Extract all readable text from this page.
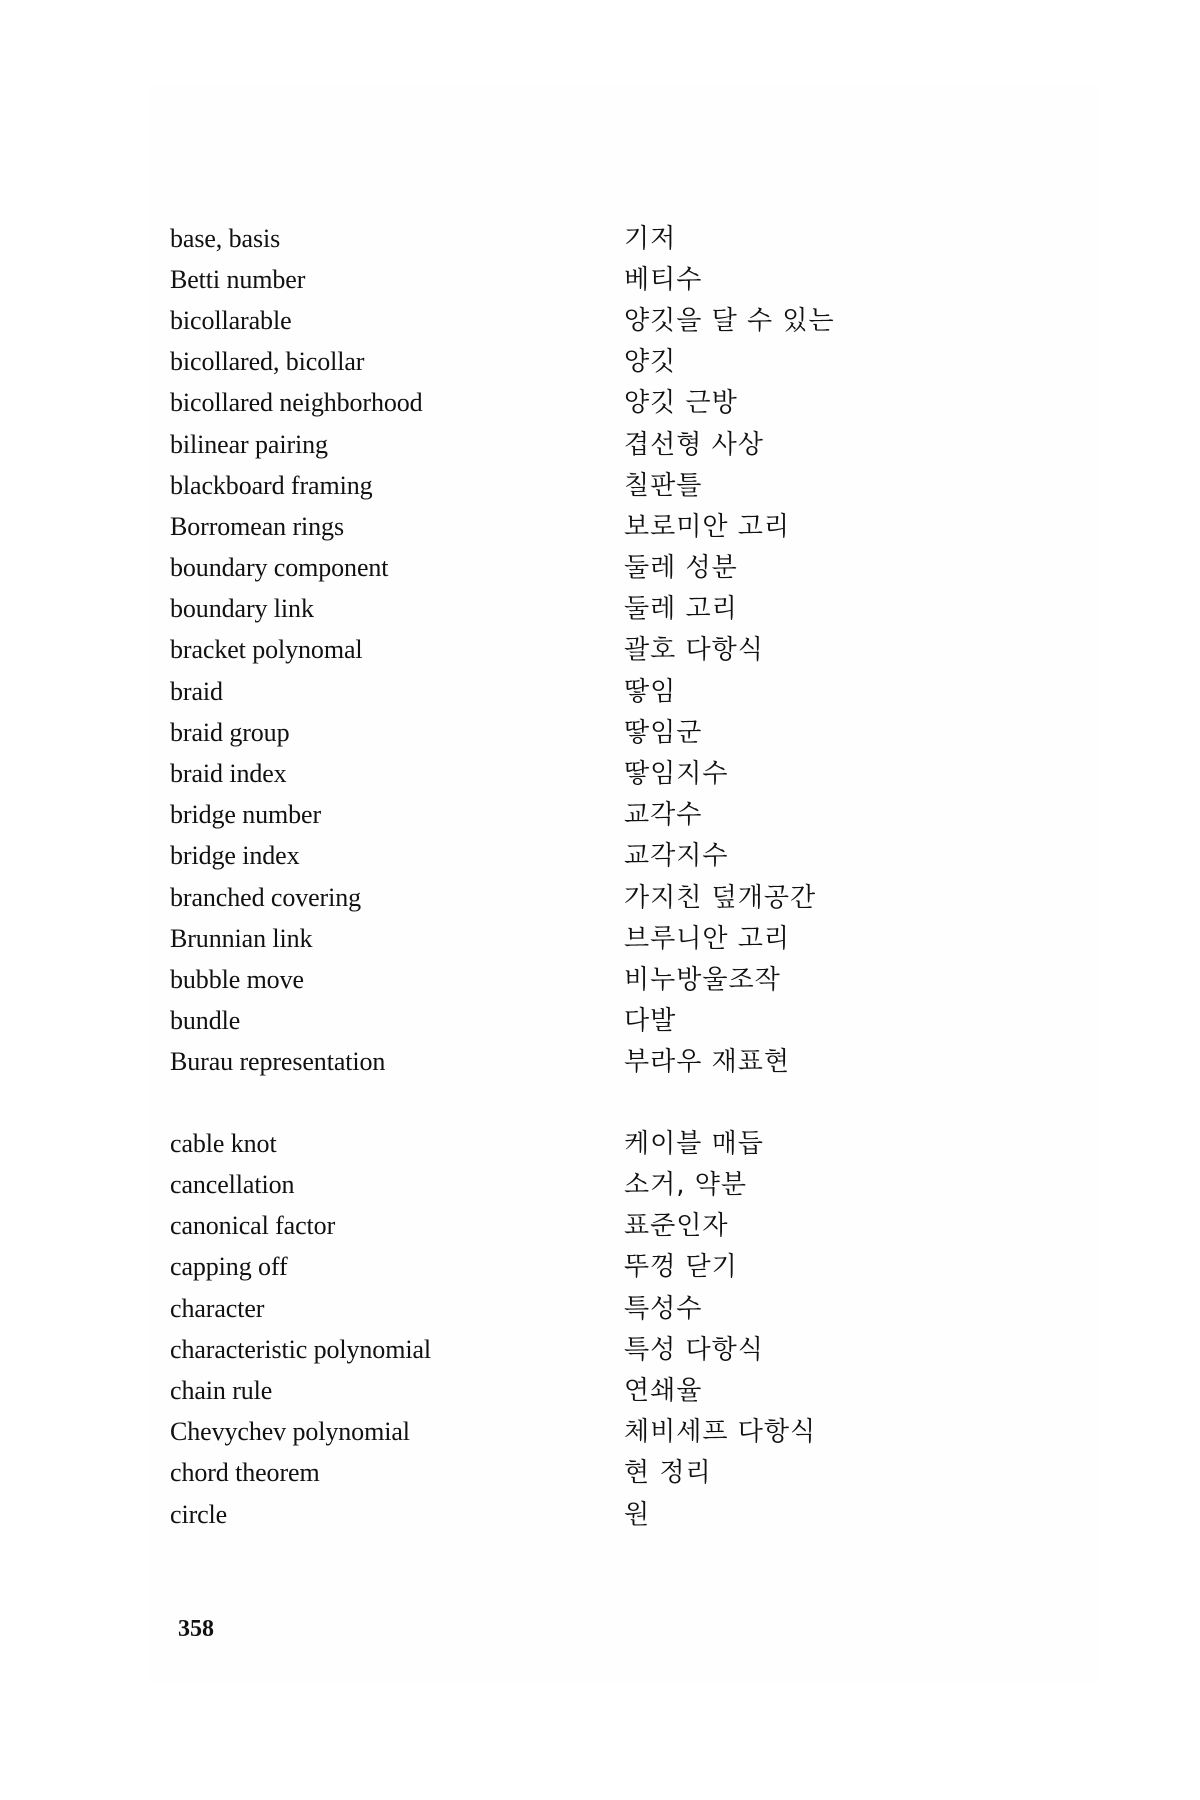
base, basis	기저
Betti number	베티수
bicollarable	양깃을 달 수 있는
bicollared, bicollar	양깃
bicollared neighborhood	양깃 근방
bilinear pairing	겹선형 사상
blackboard framing	칠판틀
Borromean rings	보로미안 고리
boundary component	둘레 성분
boundary link	둘레 고리
bracket polynomal	괄호 다항식
braid	땋임
braid group	땋임군
braid index	땋임지수
bridge number	교각수
bridge index	교각지수
branched covering	가지친 덮개공간
Brunnian link	브루니안 고리
bubble move	비누방울조작
bundle	다발
Burau representation	부라우 재표현
cable knot	케이블 매듭
cancellation	소거, 약분
canonical factor	표준인자
capping off	뚜껑 닫기
character	특성수
characteristic polynomial	특성 다항식
chain rule	연쇄율
Chevychev polynomial	체비세프 다항식
chord theorem	현 정리
circle	원
358
